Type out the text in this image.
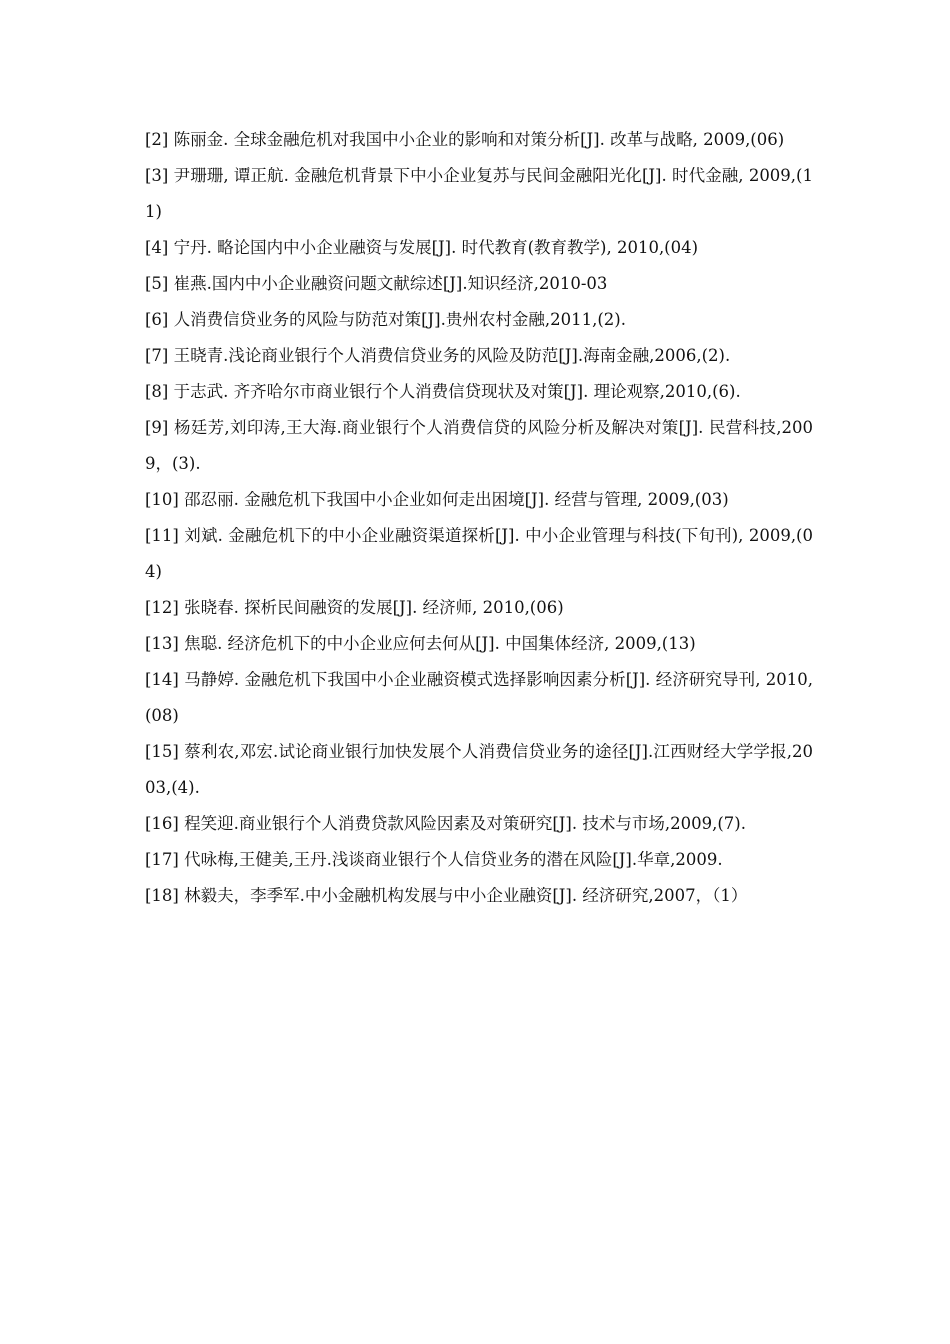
[2] 陈丽金. 全球金融危机对我国中小企业的影响和对策分析[J]. 改革与战略, 2009,(06)
[3] 尹珊珊, 谭正航. 金融危机背景下中小企业复苏与民间金融阳光化[J]. 时代金融, 2009,(11)
[4] 宁丹. 略论国内中小企业融资与发展[J]. 时代教育(教育教学), 2010,(04)
[5] 崔燕.国内中小企业融资问题文献综述[J].知识经济,2010-03
[6] 人消费信贷业务的风险与防范对策[J].贵州农村金融,2011,(2).
[7] 王晓青.浅论商业银行个人消费信贷业务的风险及防范[J].海南金融,2006,(2).
[8] 于志武. 齐齐哈尔市商业银行个人消费信贷现状及对策[J]. 理论观察,2010,(6).
[9] 杨廷芳,刘印涛,王大海.商业银行个人消费信贷的风险分析及解决对策[J]. 民营科技,2009，(3).
[10] 邵忍丽. 金融危机下我国中小企业如何走出困境[J]. 经营与管理, 2009,(03)
[11] 刘斌. 金融危机下的中小企业融资渠道探析[J]. 中小企业管理与科技(下旬刊), 2009,(04)
[12] 张晓春. 探析民间融资的发展[J]. 经济师, 2010,(06)
[13] 焦聪. 经济危机下的中小企业应何去何从[J]. 中国集体经济, 2009,(13)
[14] 马静婷. 金融危机下我国中小企业融资模式选择影响因素分析[J]. 经济研究导刊, 2010,(08)
[15] 蔡利农,邓宏.试论商业银行加快发展个人消费信贷业务的途径[J].江西财经大学学报,2003,(4).
[16] 程笑迎.商业银行个人消费贷款风险因素及对策研究[J]. 技术与市场,2009,(7).
[17] 代咏梅,王健美,王丹.浅谈商业银行个人信贷业务的潜在风险[J].华章,2009.
[18] 林毅夫，李季军.中小金融机构发展与中小企业融资[J]. 经济研究,2007，（1）
